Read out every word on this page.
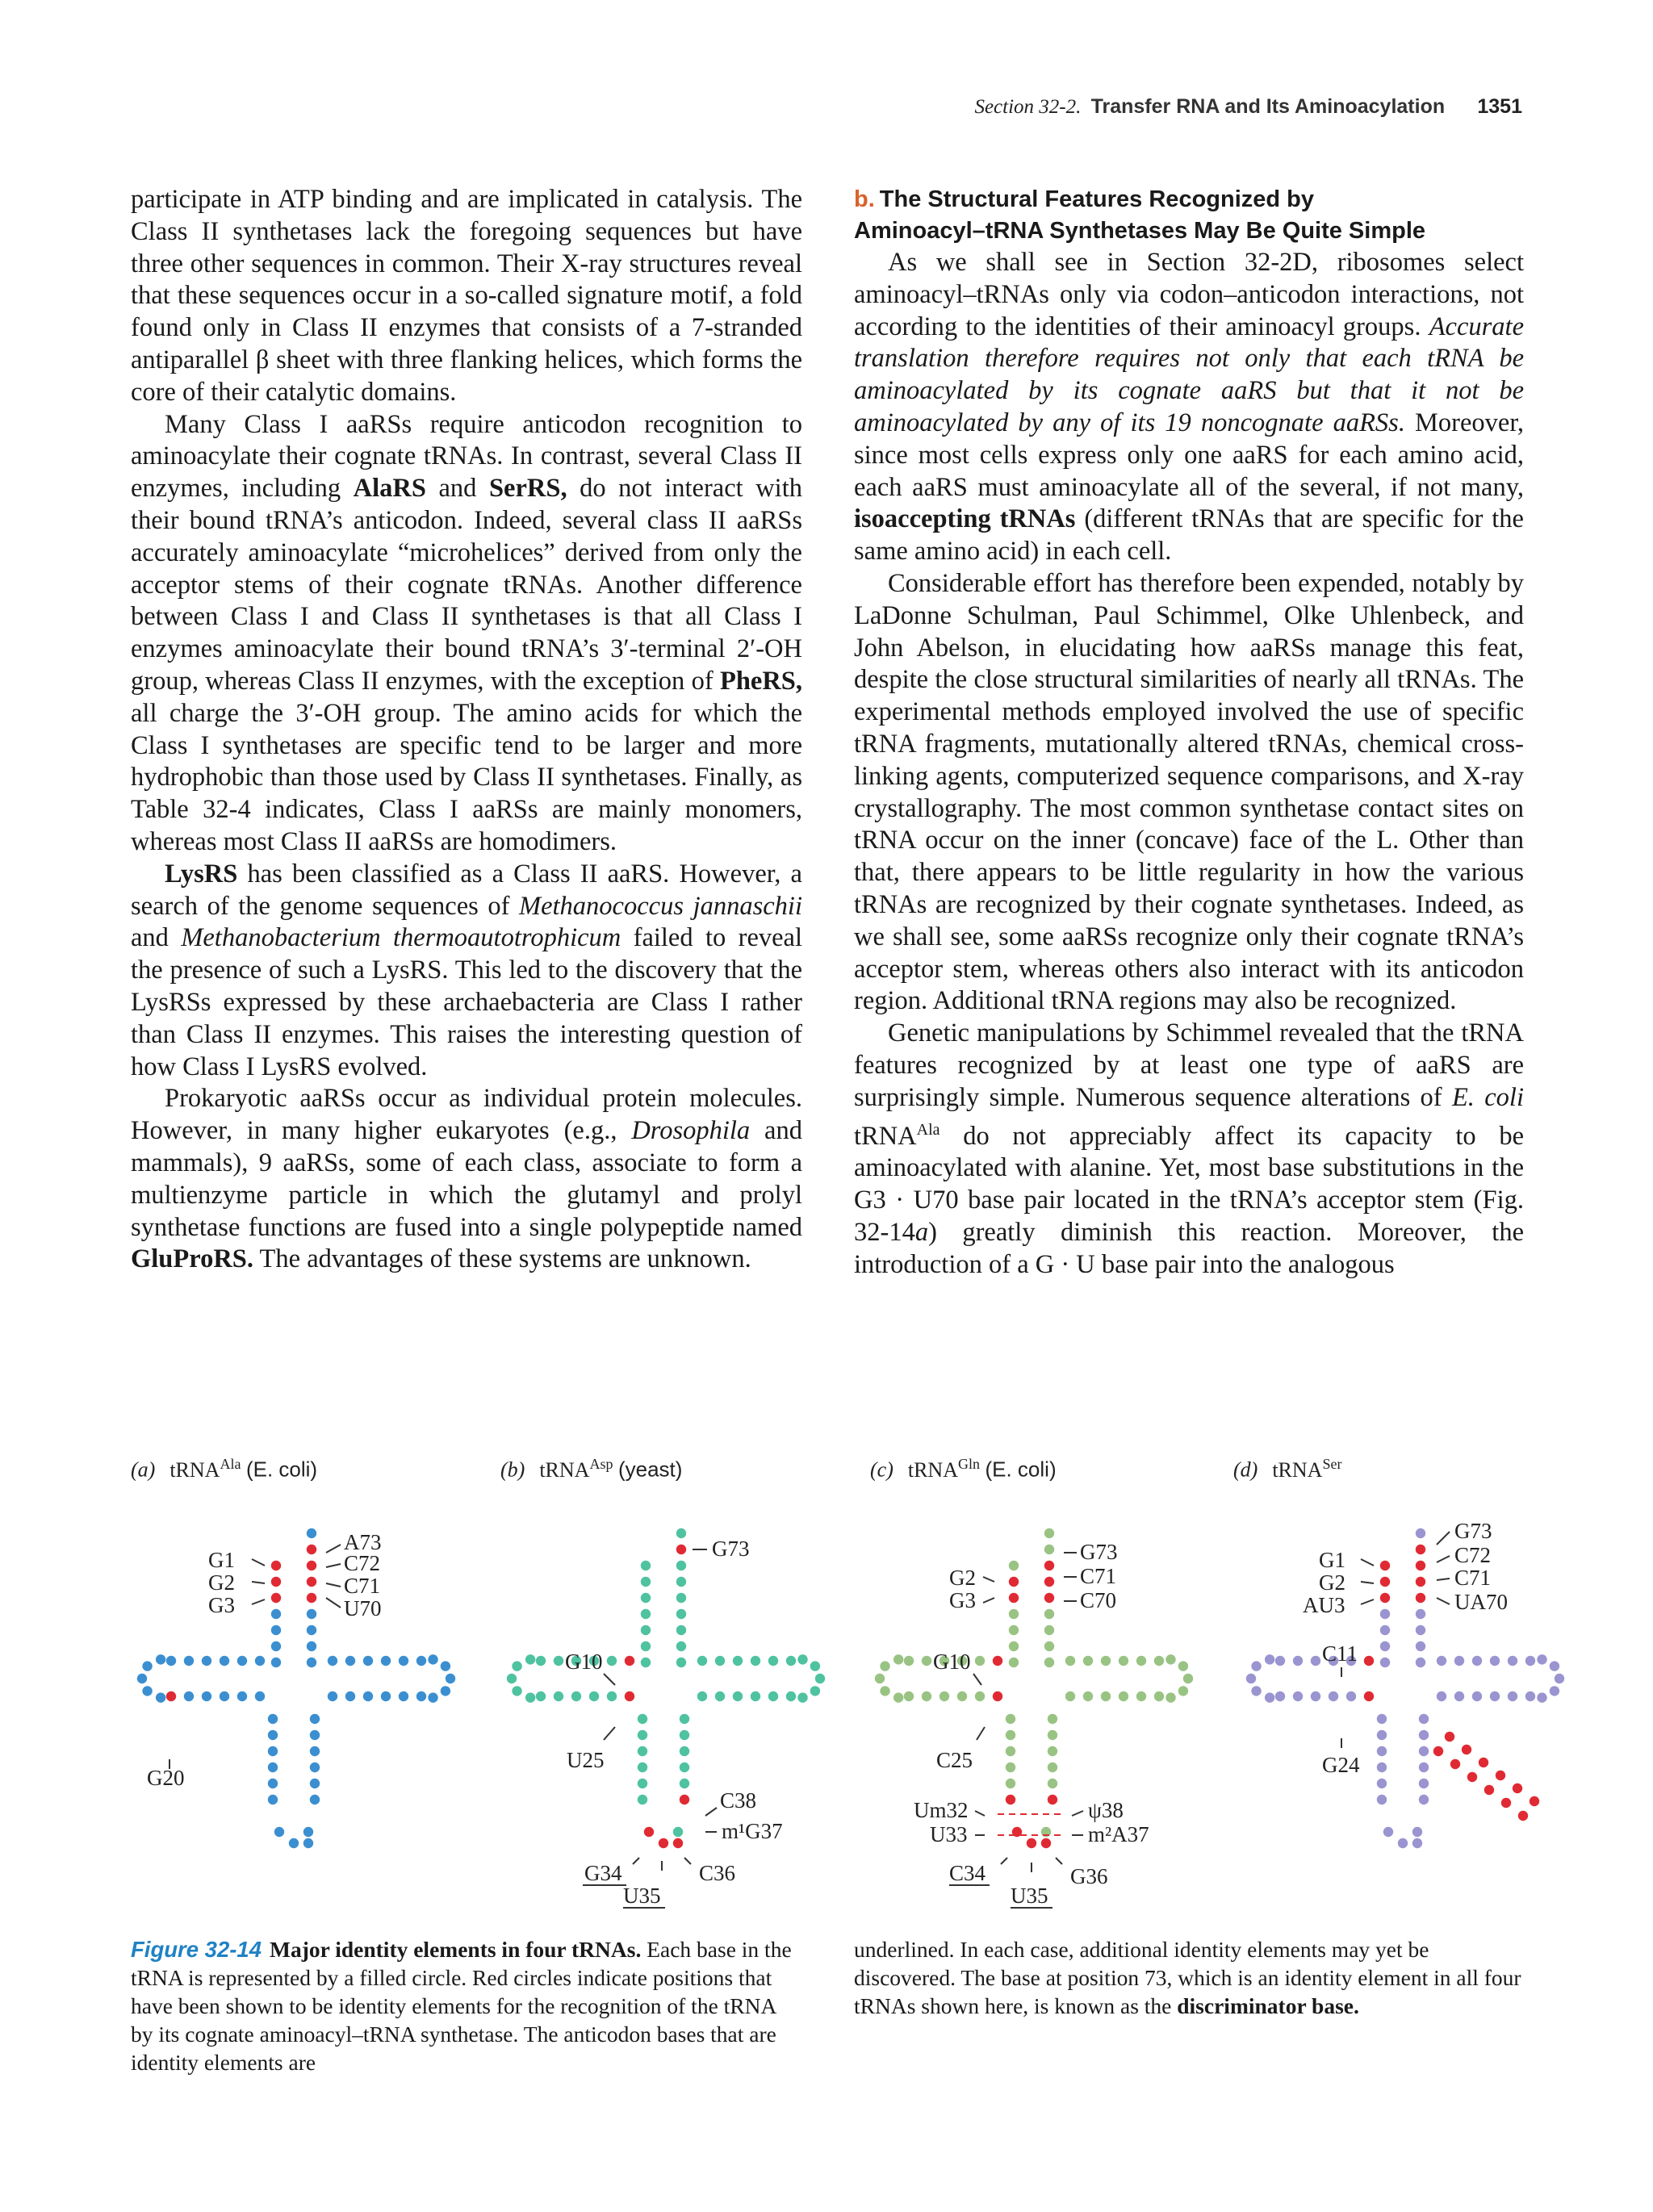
Section 32-2. Transfer RNA and Its Aminoacylation 1351

participate in ATP binding and are implicated in catalysis. The Class II synthetases lack the foregoing sequences but have three other sequences in common. Their X-ray structures reveal that these sequences occur in a so-called signature motif, a fold found only in Class II enzymes that consists of a 7-stranded antiparallel β sheet with three flanking helices, which forms the core of their catalytic domains.

Many Class I aaRSs require anticodon recognition to aminoacylate their cognate tRNAs. In contrast, several Class II enzymes, including AlaRS and SerRS, do not interact with their bound tRNA’s anticodon. Indeed, several class II aaRSs accurately aminoacylate “microhelices” derived from only the acceptor stems of their cognate tRNAs. Another difference between Class I and Class II synthetases is that all Class I enzymes aminoacylate their bound tRNA’s 3′-terminal 2′-OH group, whereas Class II enzymes, with the exception of PheRS, all charge the 3′-OH group. The amino acids for which the Class I synthetases are specific tend to be larger and more hydrophobic than those used by Class II synthetases. Finally, as Table 32-4 indicates, Class I aaRSs are mainly monomers, whereas most Class II aaRSs are homodimers.

LysRS has been classified as a Class II aaRS. However, a search of the genome sequences of Methanococcus jannaschii and Methanobacterium thermoautotrophicum failed to reveal the presence of such a LysRS. This led to the discovery that the LysRSs expressed by these archaebacteria are Class I rather than Class II enzymes. This raises the interesting question of how Class I LysRS evolved.

Prokaryotic aaRSs occur as individual protein molecules. However, in many higher eukaryotes (e.g., Drosophila and mammals), 9 aaRSs, some of each class, associate to form a multienzyme particle in which the glutamyl and prolyl synthetase functions are fused into a single polypeptide named GluProRS. The advantages of these systems are unknown.

b. The Structural Features Recognized by
Aminoacyl–tRNA Synthetases May Be Quite Simple

As we shall see in Section 32-2D, ribosomes select aminoacyl–tRNAs only via codon–anticodon interactions, not according to the identities of their aminoacyl groups. Accurate translation therefore requires not only that each tRNA be aminoacylated by its cognate aaRS but that it not be aminoacylated by any of its 19 noncognate aaRSs. Moreover, since most cells express only one aaRS for each amino acid, each aaRS must aminoacylate all of the several, if not many, isoaccepting tRNAs (different tRNAs that are specific for the same amino acid) in each cell.

Considerable effort has therefore been expended, notably by LaDonne Schulman, Paul Schimmel, Olke Uhlenbeck, and John Abelson, in elucidating how aaRSs manage this feat, despite the close structural similarities of nearly all tRNAs. The experimental methods employed involved the use of specific tRNA fragments, mutationally altered tRNAs, chemical cross-linking agents, computerized sequence comparisons, and X-ray crystallography. The most common synthetase contact sites on tRNA occur on the inner (concave) face of the L. Other than that, there appears to be little regularity in how the various tRNAs are recognized by their cognate synthetases. Indeed, as we shall see, some aaRSs recognize only their cognate tRNA’s acceptor stem, whereas others also interact with its anticodon region. Additional tRNA regions may also be recognized.

Genetic manipulations by Schimmel revealed that the tRNA features recognized by at least one type of aaRS are surprisingly simple. Numerous sequence alterations of E. coli tRNA$^{Ala}$ do not appreciably affect its capacity to be aminoacylated with alanine. Yet, most base substitutions in the G3 · U70 base pair located in the tRNA’s acceptor stem (Fig. 32-14a) greatly diminish this reaction. Moreover, the introduction of a G · U base pair into the analogous

(a) tRNA$^{Ala}$ (E. coli)	(b) tRNA$^{Asp}$ (yeast)	(c) tRNA$^{Gln}$ (E. coli)	(d) tRNA$^{Ser}$
G1
G2
G3
A73
C72
C71
U70
G20
G73
G10
U25
C38
m¹G37
G34
U35
C36
G2
G3
G73
C71
C70
G10
C25
Um32
U33
ψ38
m²A37
C34
U35
G36
G1
G2
AU3
G73
C72
C71
UA70
C11
G24
Figure 32-14 Major identity elements in four tRNAs. Each base in the tRNA is represented by a filled circle. Red circles indicate positions that have been shown to be identity elements for the recognition of the tRNA by its cognate aminoacyl–tRNA synthetase. The anticodon bases that are identity elements are
underlined. In each case, additional identity elements may yet be discovered. The base at position 73, which is an identity element in all four tRNAs shown here, is known as the discriminator base.
